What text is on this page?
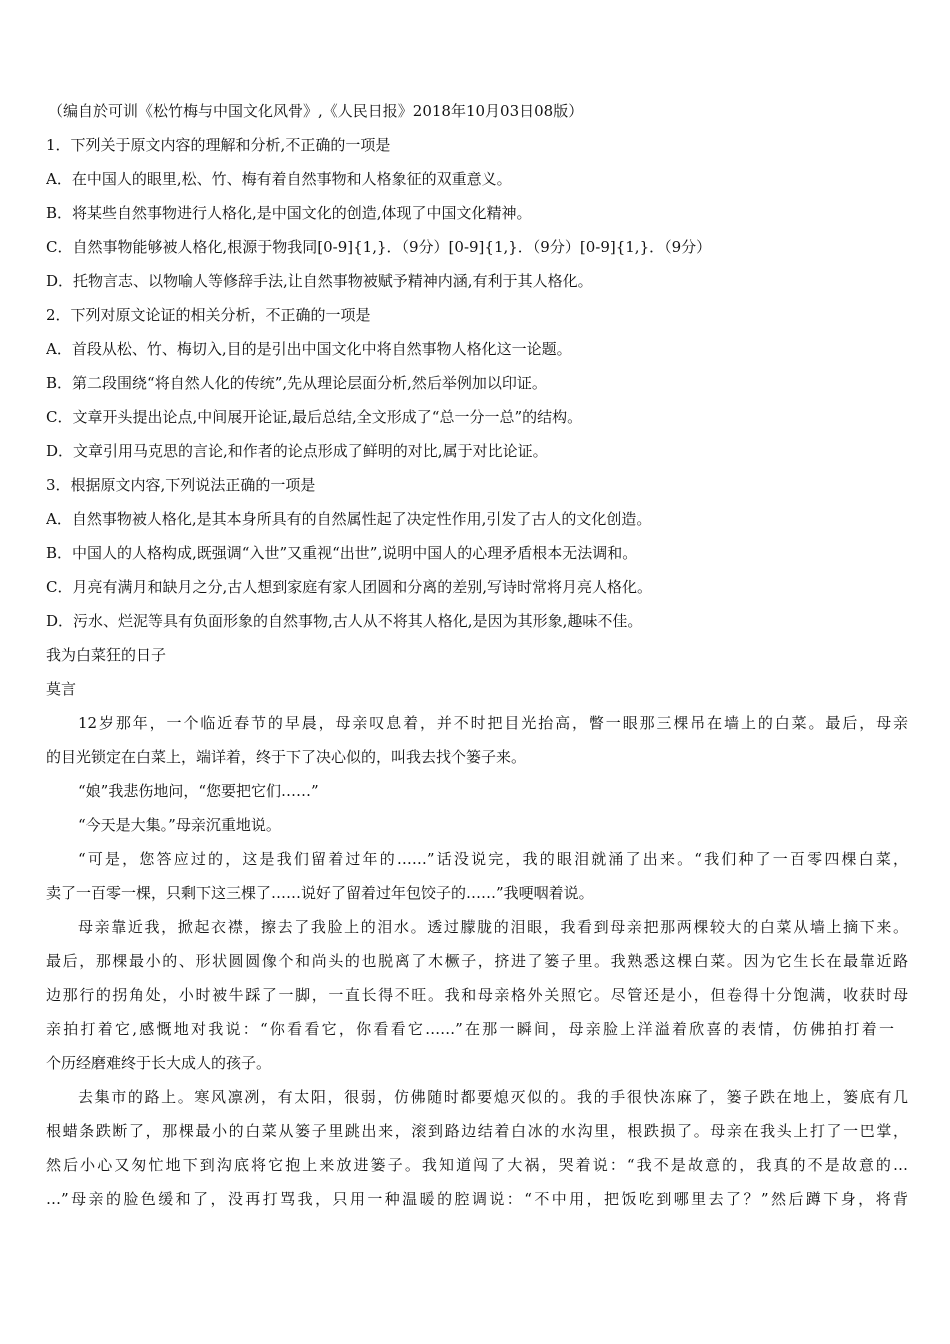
（编自於可训《松竹梅与中国文化风骨》,《人民日报》2018年10月03日08版）
1．下列关于原文内容的理解和分析,不正确的一项是
A．在中国人的眼里,松、竹、梅有着自然事物和人格象征的双重意义。
B．将某些自然事物进行人格化,是中国文化的创造,体现了中国文化精神。
C．自然事物能够被人格化,根源于物我同[0-9]{1,}．（9分）[0-9]{1,}．（9分）[0-9]{1,}．（9分）
D．托物言志、以物喻人等修辞手法,让自然事物被赋予精神内涵,有利于其人格化。
2．下列对原文论证的相关分析，不正确的一项是
A．首段从松、竹、梅切入,目的是引出中国文化中将自然事物人格化这一论题。
B．第二段围绕“将自然人化的传统”,先从理论层面分析,然后举例加以印证。
C．文章开头提出论点,中间展开论证,最后总结,全文形成了“总一分一总”的结构。
D．文章引用马克思的言论,和作者的论点形成了鲜明的对比,属于对比论证。
3．根据原文内容,下列说法正确的一项是
A．自然事物被人格化,是其本身所具有的自然属性起了决定性作用,引发了古人的文化创造。
B．中国人的人格构成,既强调“入世”又重视“出世”,说明中国人的心理矛盾根本无法调和。
C．月亮有满月和缺月之分,古人想到家庭有家人团圆和分离的差别,写诗时常将月亮人格化。
D．污水、烂泥等具有负面形象的自然事物,古人从不将其人格化,是因为其形象,趣味不佳。
我为白菜狂的日子
莫言
12岁那年，一个临近春节的早晨，母亲叹息着，并不时把目光抬高，瞥一眼那三棵吊在墙上的白菜。最后，母亲
的目光锁定在白菜上，端详着，终于下了决心似的，叫我去找个篓子来。
“娘”我悲伤地问，“您要把它们……”
“今天是大集。”母亲沉重地说。
“可是，您答应过的，这是我们留着过年的……”话没说完，我的眼泪就涌了出来。“我们种了一百零四棵白菜，
卖了一百零一棵，只剩下这三棵了……说好了留着过年包饺子的……”我哽咽着说。
母亲靠近我，掀起衣襟，擦去了我脸上的泪水。透过朦胧的泪眼，我看到母亲把那两棵较大的白菜从墙上摘下来。
最后，那棵最小的、形状圆圆像个和尚头的也脱离了木橛子，挤进了篓子里。我熟悉这棵白菜。因为它生长在最靠近路
边那行的拐角处，小时被牛踩了一脚，一直长得不旺。我和母亲格外关照它。尽管还是小，但卷得十分饱满，收获时母
亲拍打着它,感慨地对我说：“你看看它，你看看它……”在那一瞬间，母亲脸上洋溢着欣喜的表情，仿佛拍打着一
个历经磨难终于长大成人的孩子。
去集市的路上。寒风凛冽，有太阳，很弱，仿佛随时都要熄灭似的。我的手很快冻麻了，篓子跌在地上，篓底有几
根蜡条跌断了，那棵最小的白菜从篓子里跳出来，滚到路边结着白冰的水沟里，根跌损了。母亲在我头上打了一巴掌，
然后小心又匆忙地下到沟底将它抱上来放进篓子。我知道闯了大祸，哭着说：“我不是故意的，我真的不是故意的…
…”母亲的脸色缓和了，没再打骂我，只用一种温暖的腔调说：“不中用，把饭吃到哪里去了？”然后蹲下身，将背
